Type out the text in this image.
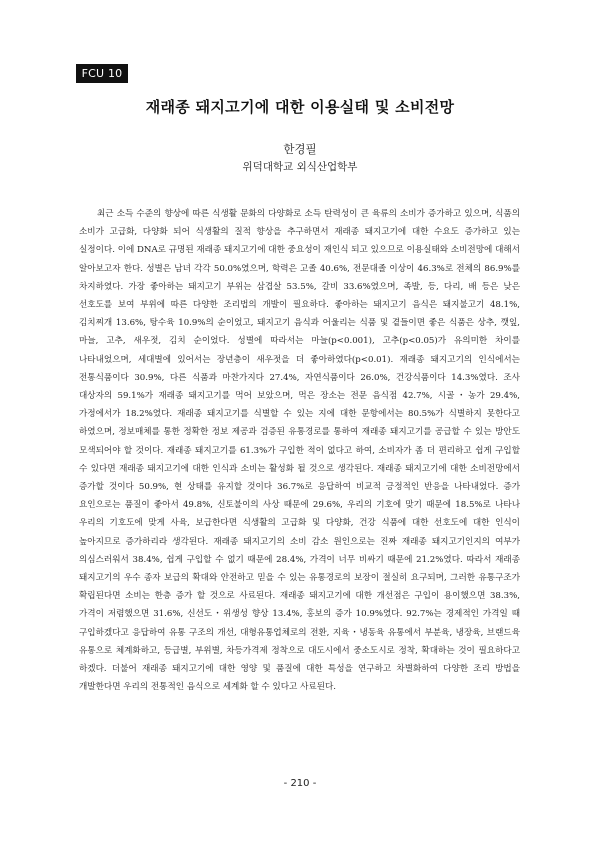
FCU 10
재래종 돼지고기에 대한 이용실태 및 소비전망
한경필
위덕대학교 외식산업학부
최근 소득 수준의 향상에 따른 식생활 문화의 다양화로 소득 탄력성이 큰 육류의 소비가 증가하고 있으며, 식품의 소비가 고급화, 다양화 되어 식생활의 질적 향상을 추구하면서 재래종 돼지고기에 대한 수요도 증가하고 있는 실정이다. 이에 DNA로 규명된 재래종 돼지고기에 대한 중요성이 재인식 되고 있으므로 이용실태와 소비전망에 대해서 알아보고자 한다. 성별은 남녀 각각 50.0%였으며, 학력은 고졸 40.6%, 전문대졸 이상이 46.3%로 전체의 86.9%를 차지하였다. 가장 좋아하는 돼지고기 부위는 삼겹살 53.5%, 갈비 33.6%였으며, 족발, 등, 다리, 배 등은 낮은 선호도를 보여 부위에 따른 다양한 조리법의 개발이 필요하다. 좋아하는 돼지고기 음식은 돼지불고기 48.1%, 김치찌개 13.6%, 탕수육 10.9%의 순이었고, 돼지고기 음식과 어울리는 식품 및 곁들이면 좋은 식품은 상추, 깻잎, 마늘, 고추, 새우젓, 김치 순이었다. 성별에 따라서는 마늘(p<0.001), 고추(p<0.05)가 유의미한 차이를 나타내었으며, 세대별에 있어서는 장년층이 새우젓을 더 좋아하였다(p<0.01). 재래종 돼지고기의 인식에서는 전통식품이다 30.9%, 다른 식품과 마찬가지다 27.4%, 자연식품이다 26.0%, 건강식품이다 14.3%였다. 조사 대상자의 59.1%가 재래종 돼지고기를 먹어 보았으며, 먹은 장소는 전문 음식점 42.7%, 시골・농가 29.4%, 가정에서가 18.2%였다. 재래종 돼지고기를 식별할 수 있는 지에 대한 문항에서는 80.5%가 식별하지 못한다고 하였으며, 정보매체를 통한 정확한 정보 제공과 검증된 유통경로를 통하여 재래종 돼지고기를 공급할 수 있는 방안도 모색되어야 할 것이다. 재래종 돼지고기를 61.3%가 구입한 적이 없다고 하여, 소비자가 좀 더 편리하고 쉽게 구입할 수 있다면 재래종 돼지고기에 대한 인식과 소비는 활성화 될 것으로 생각된다. 재래종 돼지고기에 대한 소비전망에서 증가할 것이다 50.9%, 현 상태를 유지할 것이다 36.7%로 응답하여 비교적 긍정적인 반응을 나타내었다. 증가 요인으로는 품질이 좋아서 49.8%, 신토불이의 사상 때문에 29.6%, 우리의 기호에 맞기 때문에 18.5%로 나타나 우리의 기호도에 맞게 사육, 보급한다면 식생활의 고급화 및 다양화, 건강 식품에 대한 선호도에 대한 인식이 높아지므로 증가하리라 생각된다. 재래종 돼지고기의 소비 감소 원인으로는 진짜 재래종 돼지고기인지의 여부가 의심스러워서 38.4%, 쉽게 구입할 수 없기 때문에 28.4%, 가격이 너무 비싸기 때문에 21.2%였다. 따라서 재래종 돼지고기의 우수 종자 보급의 확대와 안전하고 믿을 수 있는 유통경로의 보장이 절실히 요구되며, 그러한 유통구조가 확립된다면 소비는 한층 증가 할 것으로 사료된다. 재래종 돼지고기에 대한 개선점은 구입이 용이했으면 38.3%, 가격이 저렴했으면 31.6%, 신선도・위생성 향상 13.4%, 홍보의 증가 10.9%였다. 92.7%는 경제적인 가격일 때 구입하겠다고 응답하여 유통 구조의 개선, 대형유통업체로의 전환, 지육・냉동육 유통에서 부분육, 냉장육, 브랜드육 유통으로 체계화하고, 등급별, 부위별, 차등가격제 정착으로 대도시에서 중소도시로 정착, 확대하는 것이 필요하다고 하겠다. 더불어 재래종 돼지고기에 대한 영양 및 품질에 대한 특성을 연구하고 차별화하여 다양한 조리 방법을 개발한다면 우리의 전통적인 음식으로 세계화 할 수 있다고 사료된다.
- 210 -
